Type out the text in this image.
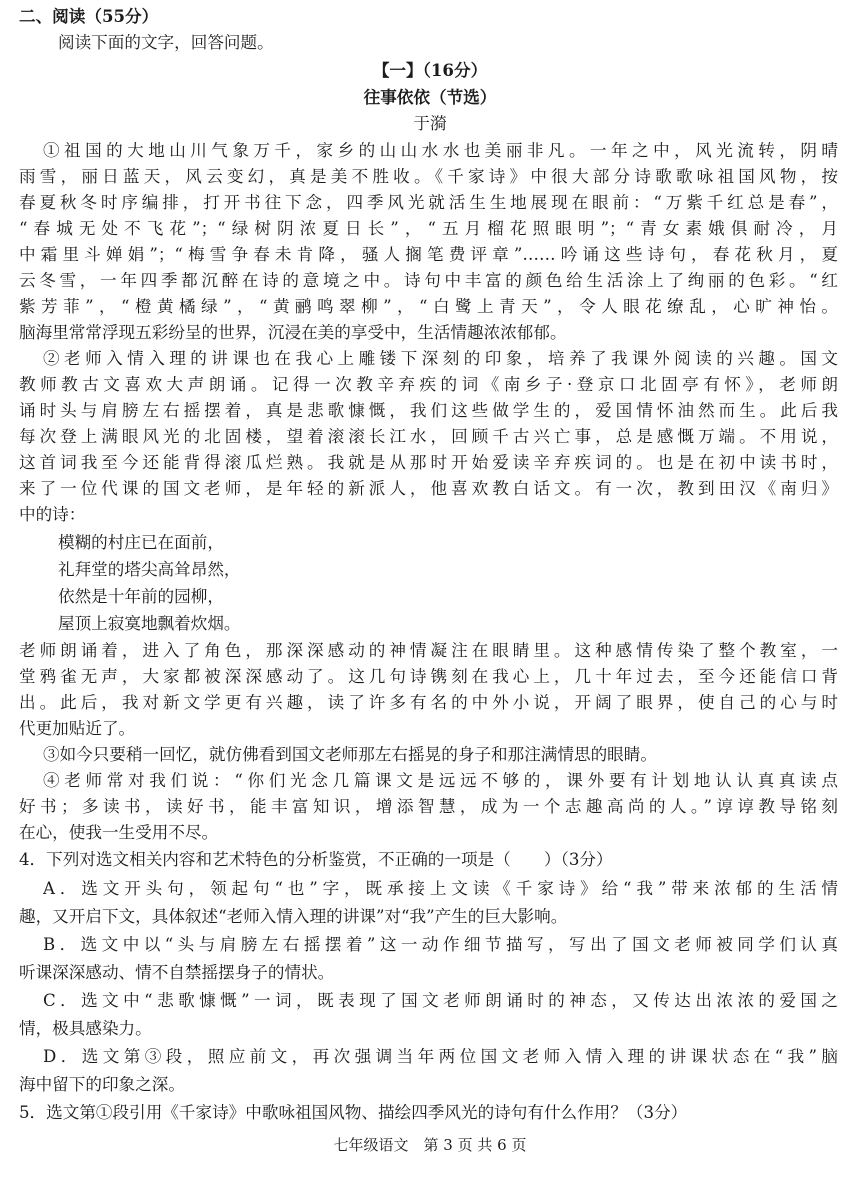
二、阅读（55分）
阅读下面的文字，回答问题。
【一】（16分）
往事依依（节选）
于漪
①祖国的大地山川气象万千，家乡的山山水水也美丽非凡。一年之中，风光流转，阴晴
雨雪，丽日蓝天，风云变幻，真是美不胜收。《千家诗》中很大部分诗歌歌咏祖国风物，按
春夏秋冬时序编排，打开书往下念，四季风光就活生生地展现在眼前：“万紫千红总是春”，
“春城无处不飞花”；“绿树阴浓夏日长”，“五月榴花照眼明”；“青女素娥俱耐冷，月
中霜里斗婵娟”；“梅雪争春未肯降，骚人搁笔费评章”……吟诵这些诗句，春花秋月，夏
云冬雪，一年四季都沉醉在诗的意境之中。诗句中丰富的颜色给生活涂上了绚丽的色彩。“红
紫芳菲”，“橙黄橘绿”，“黄鹂鸣翠柳”，“白鹭上青天”，令人眼花缭乱，心旷神怡。
脑海里常常浮现五彩纷呈的世界，沉浸在美的享受中，生活情趣浓浓郁郁。
②老师入情入理的讲课也在我心上雕镂下深刻的印象，培养了我课外阅读的兴趣。国文
教师教古文喜欢大声朗诵。记得一次教辛弃疾的词《南乡子·登京口北固亭有怀》，老师朗
诵时头与肩膀左右摇摆着，真是悲歌慷慨，我们这些做学生的，爱国情怀油然而生。此后我
每次登上满眼风光的北固楼，望着滚滚长江水，回顾千古兴亡事，总是感慨万端。不用说，
这首词我至今还能背得滚瓜烂熟。我就是从那时开始爱读辛弃疾词的。也是在初中读书时，
来了一位代课的国文老师，是年轻的新派人，他喜欢教白话文。有一次，教到田汉《南归》
中的诗：
模糊的村庄已在面前，
礼拜堂的塔尖高耸昂然，
依然是十年前的园柳，
屋顶上寂寞地飘着炊烟。
老师朗诵着，进入了角色，那深深感动的神情凝注在眼睛里。这种感情传染了整个教室，一
堂鸦雀无声，大家都被深深感动了。这几句诗镌刻在我心上，几十年过去，至今还能信口背
出。此后，我对新文学更有兴趣，读了许多有名的中外小说，开阔了眼界，使自己的心与时
代更加贴近了。
③如今只要稍一回忆，就仿佛看到国文老师那左右摇晃的身子和那注满情思的眼睛。
④老师常对我们说：“你们光念几篇课文是远远不够的，课外要有计划地认认真真读点
好书；多读书，读好书，能丰富知识，增添智慧，成为一个志趣高尚的人。”谆谆教导铭刻
在心，使我一生受用不尽。
4．下列对选文相关内容和艺术特色的分析鉴赏，不正确的一项是（　　）（3分）
A．选文开头句，领起句“也”字，既承接上文读《千家诗》给“我”带来浓郁的生活情
趣，又开启下文，具体叙述“老师入情入理的讲课”对“我”产生的巨大影响。
B．选文中以“头与肩膀左右摇摆着”这一动作细节描写，写出了国文老师被同学们认真
听课深深感动、情不自禁摇摆身子的情状。
C．选文中“悲歌慷慨”一词，既表现了国文老师朗诵时的神态，又传达出浓浓的爱国之
情，极具感染力。
D．选文第③段，照应前文，再次强调当年两位国文老师入情入理的讲课状态在“我”脑
海中留下的印象之深。
5．选文第①段引用《千家诗》中歌咏祖国风物、描绘四季风光的诗句有什么作用？（3分）
七年级语文　第 3 页 共 6 页
